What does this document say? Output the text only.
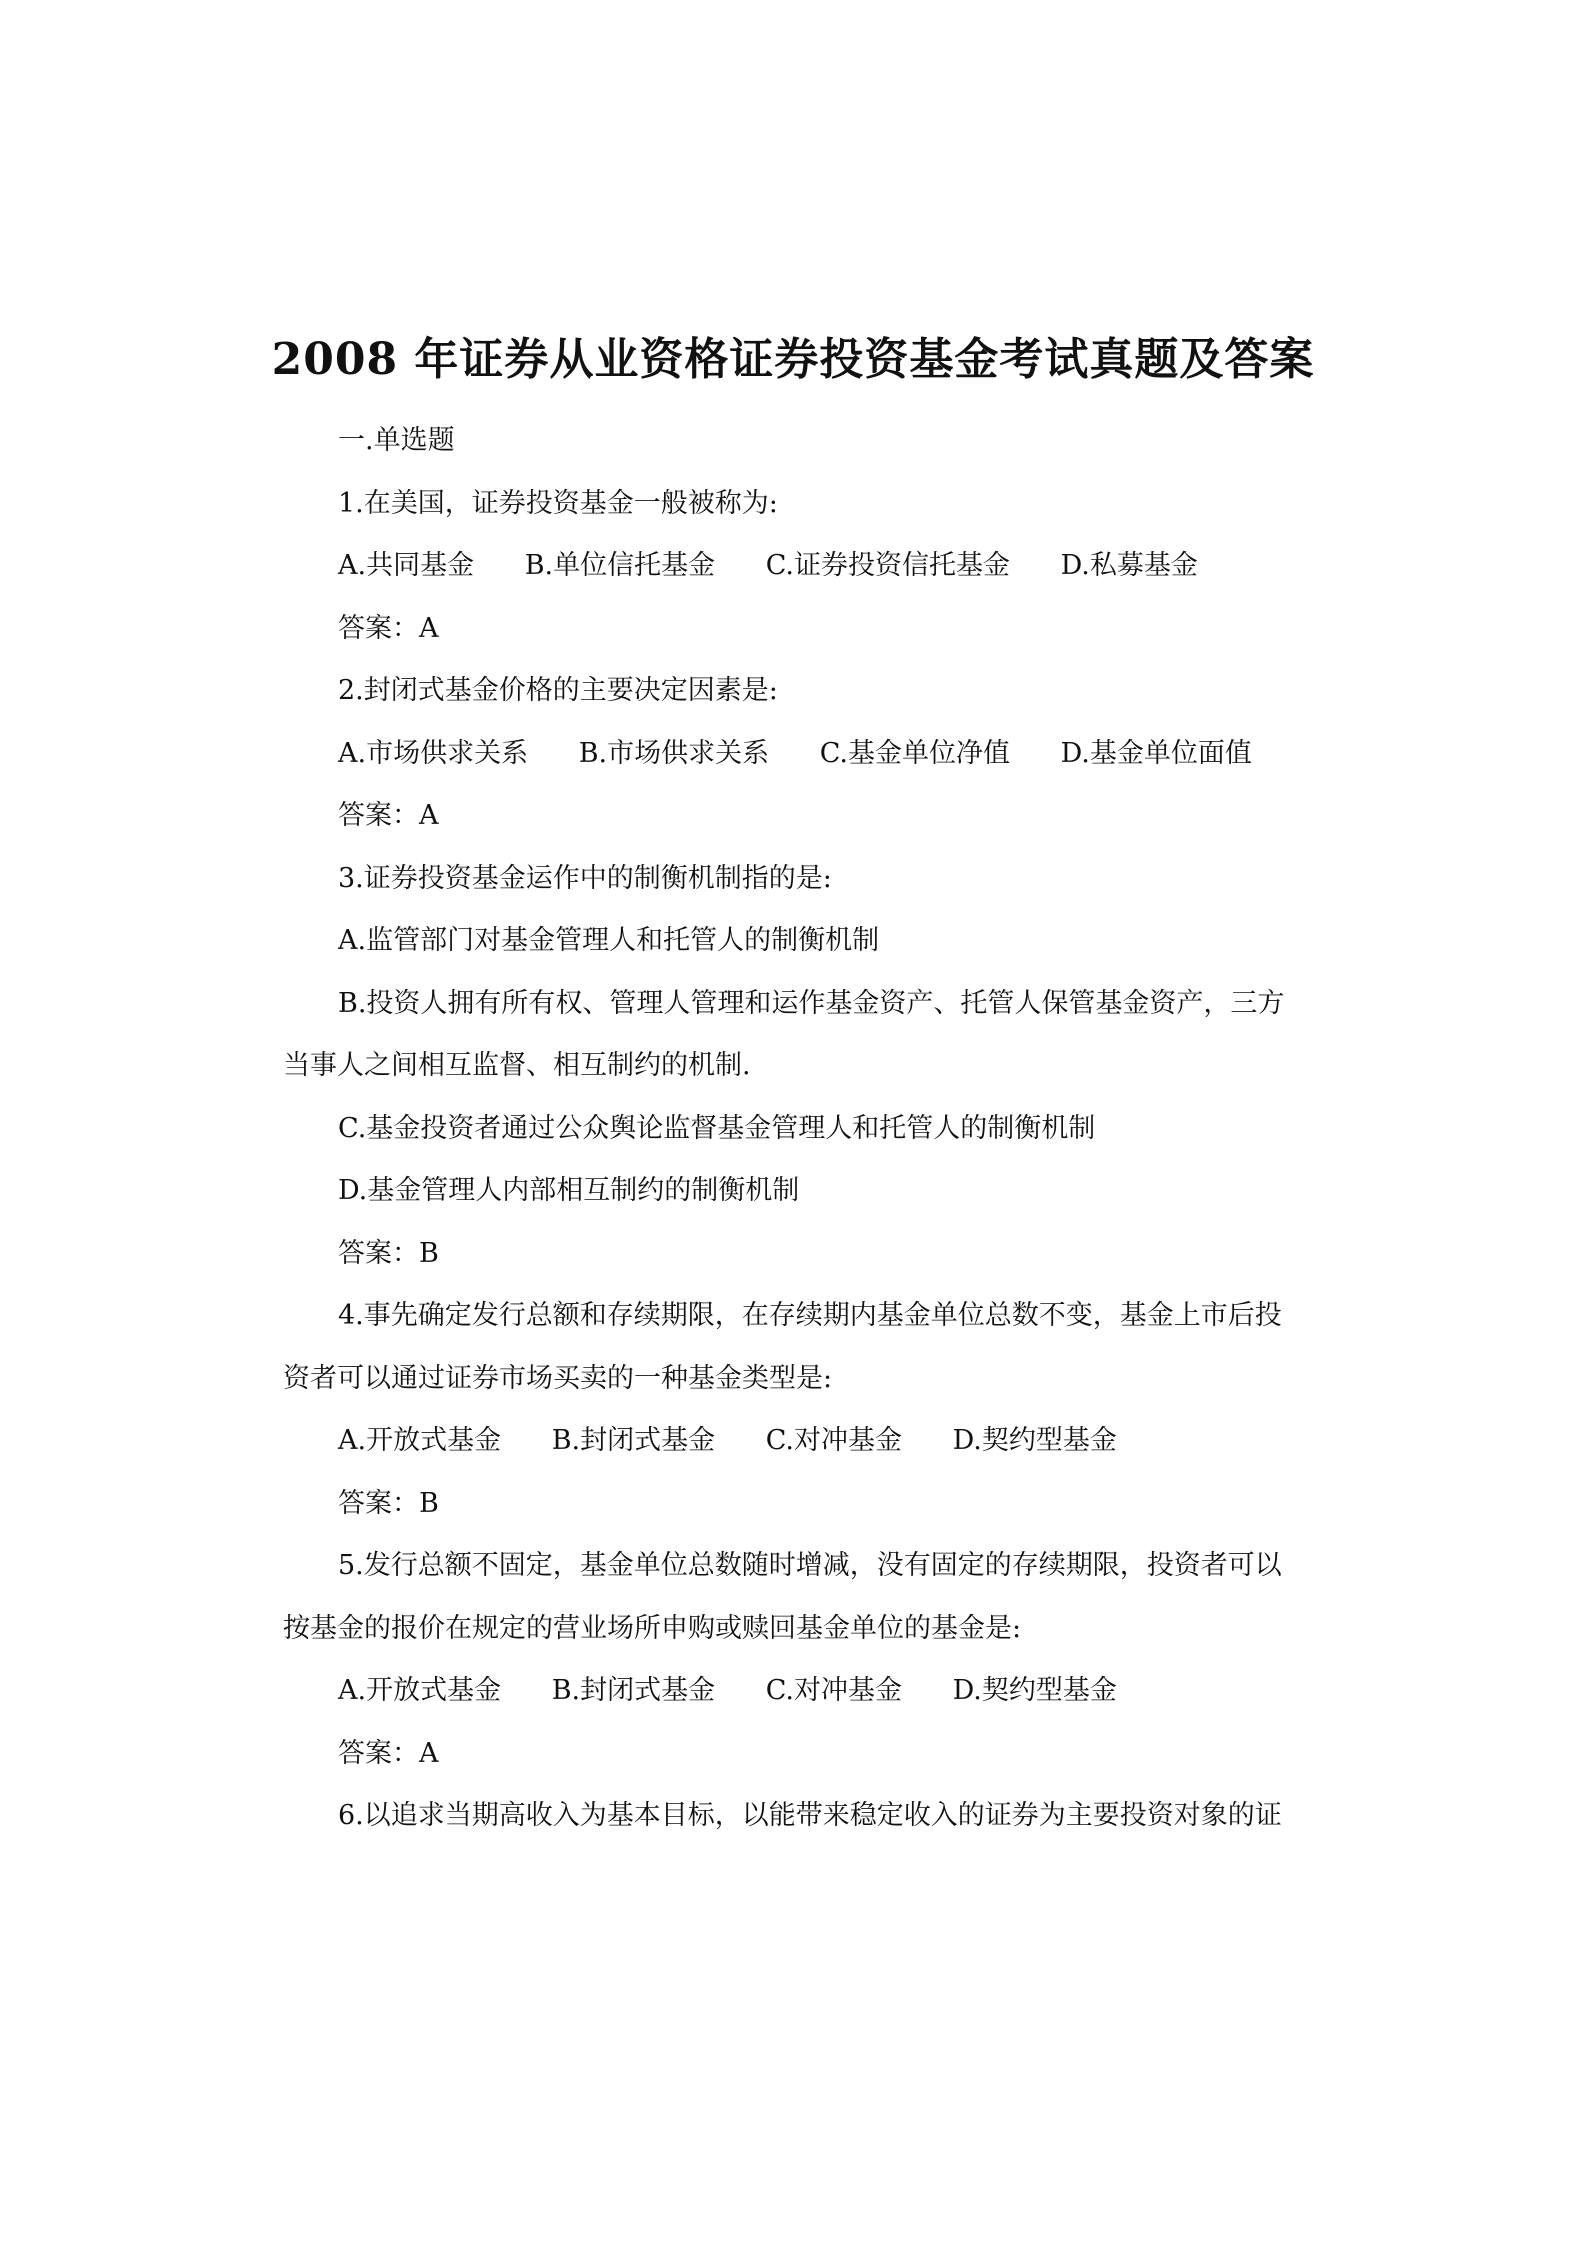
2008 年证券从业资格证券投资基金考试真题及答案
一.单选题
1.在美国，证券投资基金一般被称为:
A.共同基金 B.单位信托基金 C.证券投资信托基金 D.私募基金
答案：A
2.封闭式基金价格的主要决定因素是:
A.市场供求关系 B.市场供求关系 C.基金单位净值 D.基金单位面值
答案：A
3.证券投资基金运作中的制衡机制指的是:
A.监管部门对基金管理人和托管人的制衡机制
B.投资人拥有所有权、管理人管理和运作基金资产、托管人保管基金资产，三方
当事人之间相互监督、相互制约的机制.
C.基金投资者通过公众舆论监督基金管理人和托管人的制衡机制
D.基金管理人内部相互制约的制衡机制
答案：B
4.事先确定发行总额和存续期限，在存续期内基金单位总数不变，基金上市后投
资者可以通过证券市场买卖的一种基金类型是:
A.开放式基金 B.封闭式基金 C.对冲基金 D.契约型基金
答案：B
5.发行总额不固定，基金单位总数随时增减，没有固定的存续期限，投资者可以
按基金的报价在规定的营业场所申购或赎回基金单位的基金是:
A.开放式基金 B.封闭式基金 C.对冲基金 D.契约型基金
答案：A
6.以追求当期高收入为基本目标，以能带来稳定收入的证券为主要投资对象的证
